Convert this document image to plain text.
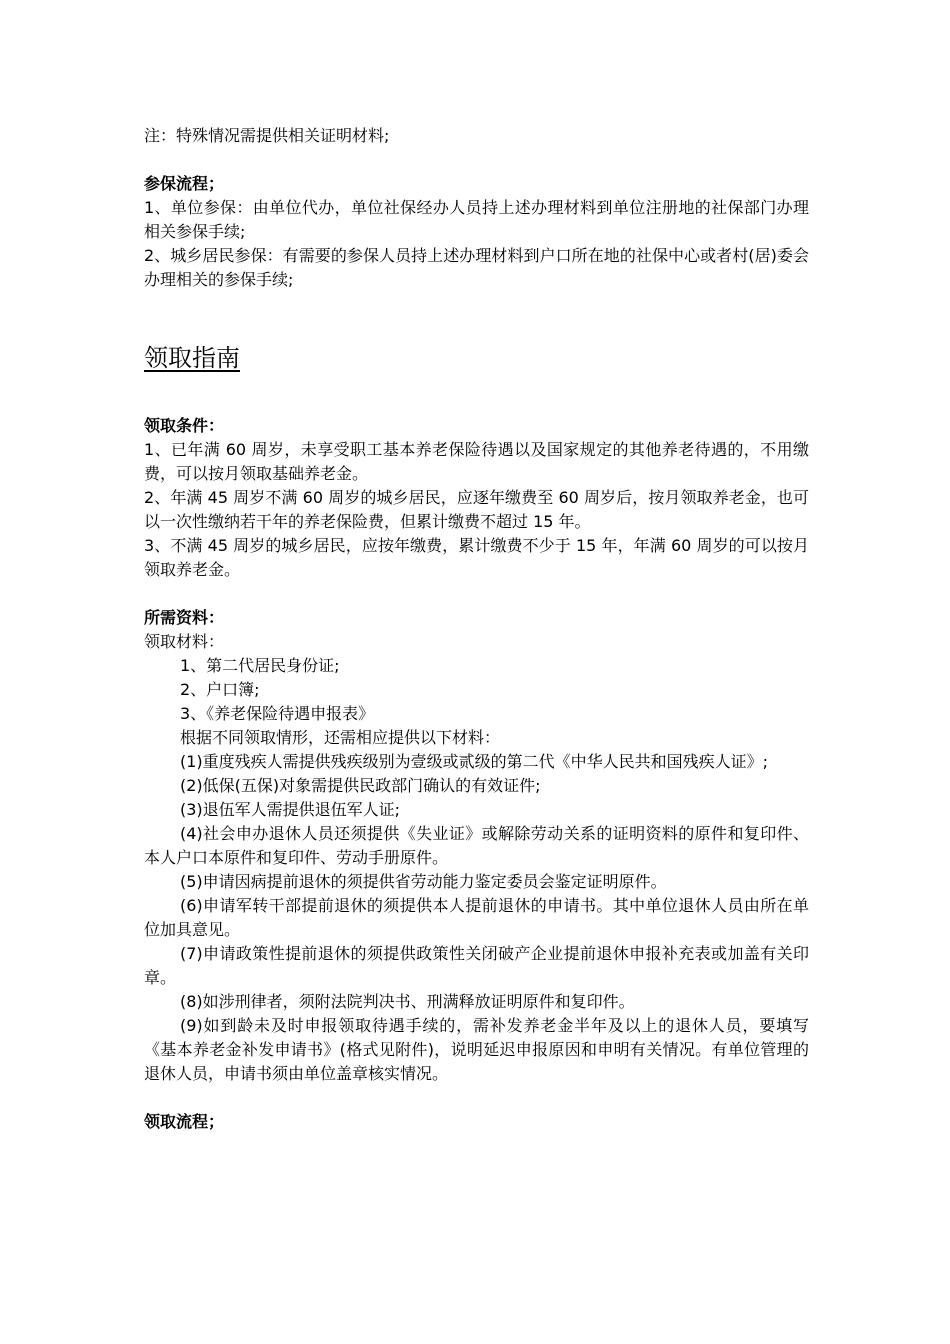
注：特殊情况需提供相关证明材料;

参保流程；

1、单位参保：由单位代办，单位社保经办人员持上述办理材料到单位注册地的社保部门办理相关参保手续;

2、城乡居民参保：有需要的参保人员持上述办理材料到户口所在地的社保中心或者村(居)委会办理相关的参保手续;

领取指南

领取条件：

1、已年满 60 周岁，未享受职工基本养老保险待遇以及国家规定的其他养老待遇的，不用缴费，可以按月领取基础养老金。

2、年满 45 周岁不满 60 周岁的城乡居民，应逐年缴费至 60 周岁后，按月领取养老金，也可以一次性缴纳若干年的养老保险费，但累计缴费不超过 15 年。

3、不满 45 周岁的城乡居民，应按年缴费，累计缴费不少于 15 年，年满 60 周岁的可以按月领取养老金。

所需资料：

领取材料：

1、第二代居民身份证;

2、户口簿;

3、《养老保险待遇申报表》

根据不同领取情形，还需相应提供以下材料：

(1)重度残疾人需提供残疾级别为壹级或贰级的第二代《中华人民共和国残疾人证》;

(2)低保(五保)对象需提供民政部门确认的有效证件;

(3)退伍军人需提供退伍军人证;

(4)社会申办退休人员还须提供《失业证》或解除劳动关系的证明资料的原件和复印件、本人户口本原件和复印件、劳动手册原件。

(5)申请因病提前退休的须提供省劳动能力鉴定委员会鉴定证明原件。

(6)申请军转干部提前退休的须提供本人提前退休的申请书。其中单位退休人员由所在单位加具意见。

(7)申请政策性提前退休的须提供政策性关闭破产企业提前退休申报补充表或加盖有关印章。

(8)如涉刑律者，须附法院判决书、刑满释放证明原件和复印件。

(9)如到龄未及时申报领取待遇手续的，需补发养老金半年及以上的退休人员，要填写《基本养老金补发申请书》(格式见附件)，说明延迟申报原因和申明有关情况。有单位管理的退休人员，申请书须由单位盖章核实情况。

领取流程；
